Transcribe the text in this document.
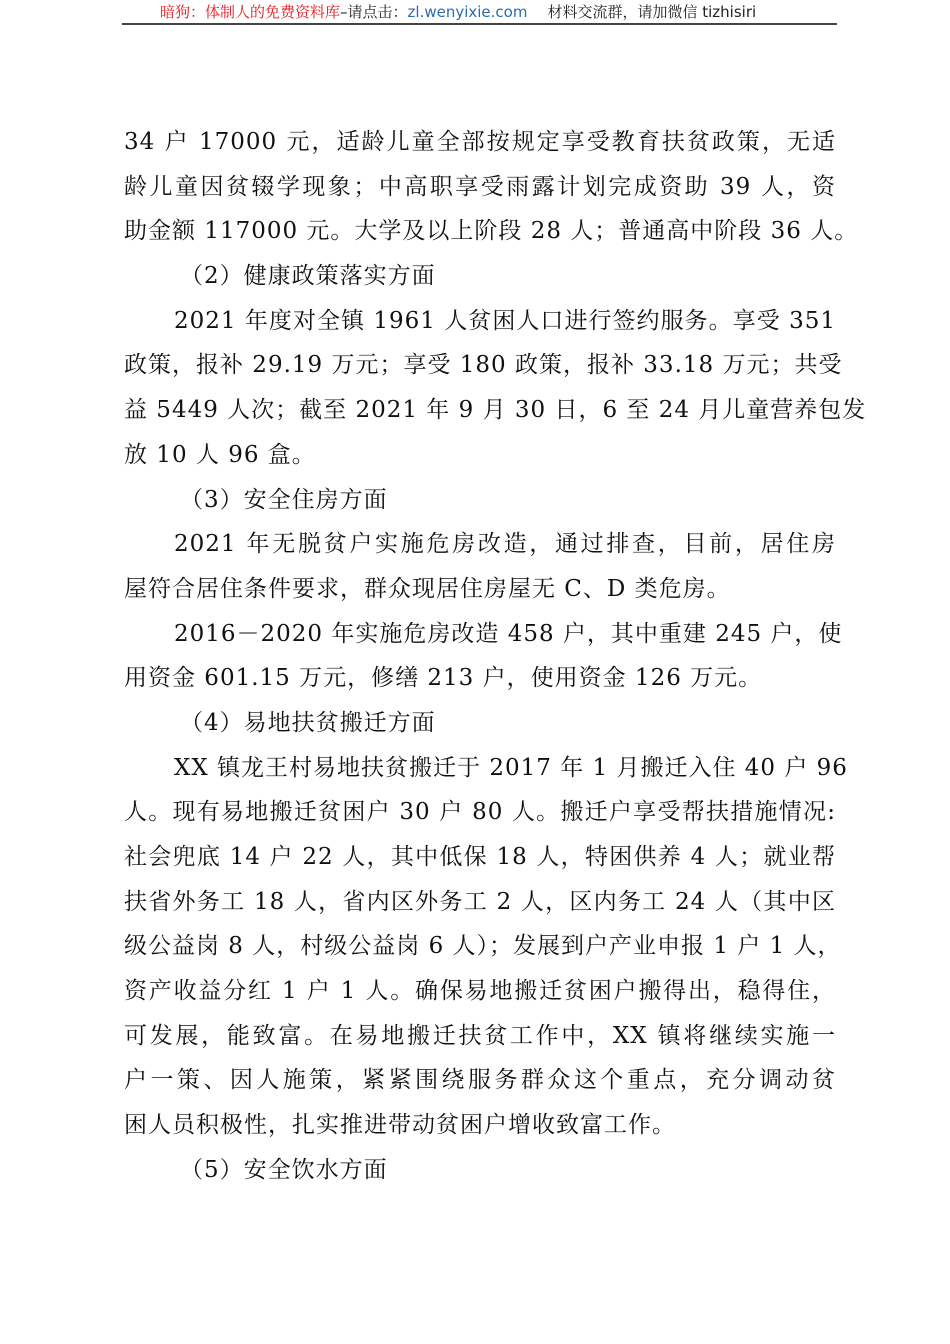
暗狗：体制人的免费资料库–请点击：zl.wenyixie.com 材料交流群，请加微信 tizhisiri
34 户 17000 元，适龄儿童全部按规定享受教育扶贫政策，无适
龄儿童因贫辍学现象；中高职享受雨露计划完成资助 39 人，资
助金额 117000 元。大学及以上阶段 28 人；普通高中阶段 36 人。
（2）健康政策落实方面
2021 年度对全镇 1961 人贫困人口进行签约服务。享受 351
政策，报补 29.19 万元；享受 180 政策，报补 33.18 万元；共受
益 5449 人次；截至 2021 年 9 月 30 日，6 至 24 月儿童营养包发
放 10 人 96 盒。
（3）安全住房方面
2021 年无脱贫户实施危房改造，通过排查，目前，居住房
屋符合居住条件要求，群众现居住房屋无 C、D 类危房。
2016－2020 年实施危房改造 458 户，其中重建 245 户，使
用资金 601.15 万元，修缮 213 户，使用资金 126 万元。
（4）易地扶贫搬迁方面
XX 镇龙王村易地扶贫搬迁于 2017 年 1 月搬迁入住 40 户 96
人。现有易地搬迁贫困户 30 户 80 人。搬迁户享受帮扶措施情况:
社会兜底 14 户 22 人，其中低保 18 人，特困供养 4 人；就业帮
扶省外务工 18 人，省内区外务工 2 人，区内务工 24 人（其中区
级公益岗 8 人，村级公益岗 6 人）；发展到户产业申报 1 户 1 人，
资产收益分红 1 户 1 人。确保易地搬迁贫困户搬得出，稳得住，
可发展，能致富。在易地搬迁扶贫工作中，XX 镇将继续实施一
户一策、因人施策，紧紧围绕服务群众这个重点，充分调动贫
困人员积极性，扎实推进带动贫困户增收致富工作。
（5）安全饮水方面
